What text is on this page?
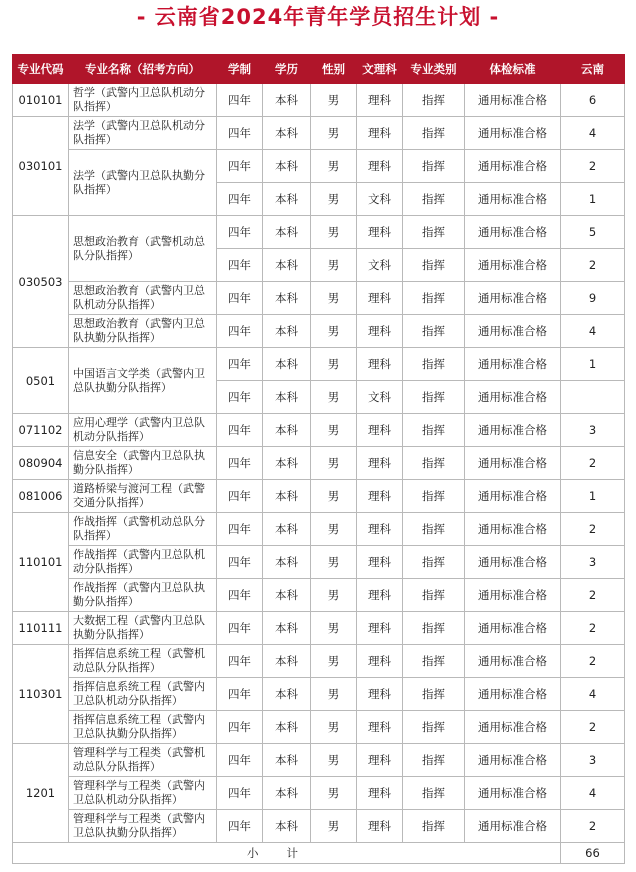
- 云南省2024年青年学员招生计划 -
专业代码	专业名称（招考方向）	学制	学历	性别	文理科	专业类别	体检标准	云南
010101	哲学（武警内卫总队机动分队指挥）	四年	本科	男	理科	指挥	通用标准合格	6
030101	法学（武警内卫总队机动分队指挥）	四年	本科	男	理科	指挥	通用标准合格	4
	法学（武警内卫总队执勤分队指挥）	四年	本科	男	理科	指挥	通用标准合格	2
		四年	本科	男	文科	指挥	通用标准合格	1
030503	思想政治教育（武警机动总队分队指挥）	四年	本科	男	理科	指挥	通用标准合格	5
		四年	本科	男	文科	指挥	通用标准合格	2
	思想政治教育（武警内卫总队机动分队指挥）	四年	本科	男	理科	指挥	通用标准合格	9
	思想政治教育（武警内卫总队执勤分队指挥）	四年	本科	男	理科	指挥	通用标准合格	4
0501	中国语言文学类（武警内卫总队执勤分队指挥）	四年	本科	男	理科	指挥	通用标准合格	1
		四年	本科	男	文科	指挥	通用标准合格	
071102	应用心理学（武警内卫总队机动分队指挥）	四年	本科	男	理科	指挥	通用标准合格	3
080904	信息安全（武警内卫总队执勤分队指挥）	四年	本科	男	理科	指挥	通用标准合格	2
081006	道路桥梁与渡河工程（武警交通分队指挥）	四年	本科	男	理科	指挥	通用标准合格	1
110101	作战指挥（武警机动总队分队指挥）	四年	本科	男	理科	指挥	通用标准合格	2
	作战指挥（武警内卫总队机动分队指挥）	四年	本科	男	理科	指挥	通用标准合格	3
	作战指挥（武警内卫总队执勤分队指挥）	四年	本科	男	理科	指挥	通用标准合格	2
110111	大数据工程（武警内卫总队执勤分队指挥）	四年	本科	男	理科	指挥	通用标准合格	2
110301	指挥信息系统工程（武警机动总队分队指挥）	四年	本科	男	理科	指挥	通用标准合格	2
	指挥信息系统工程（武警内卫总队机动分队指挥）	四年	本科	男	理科	指挥	通用标准合格	4
	指挥信息系统工程（武警内卫总队执勤分队指挥）	四年	本科	男	理科	指挥	通用标准合格	2
1201	管理科学与工程类（武警机动总队分队指挥）	四年	本科	男	理科	指挥	通用标准合格	3
	管理科学与工程类（武警内卫总队机动分队指挥）	四年	本科	男	理科	指挥	通用标准合格	4
	管理科学与工程类（武警内卫总队执勤分队指挥）	四年	本科	男	理科	指挥	通用标准合格	2
小计								66
